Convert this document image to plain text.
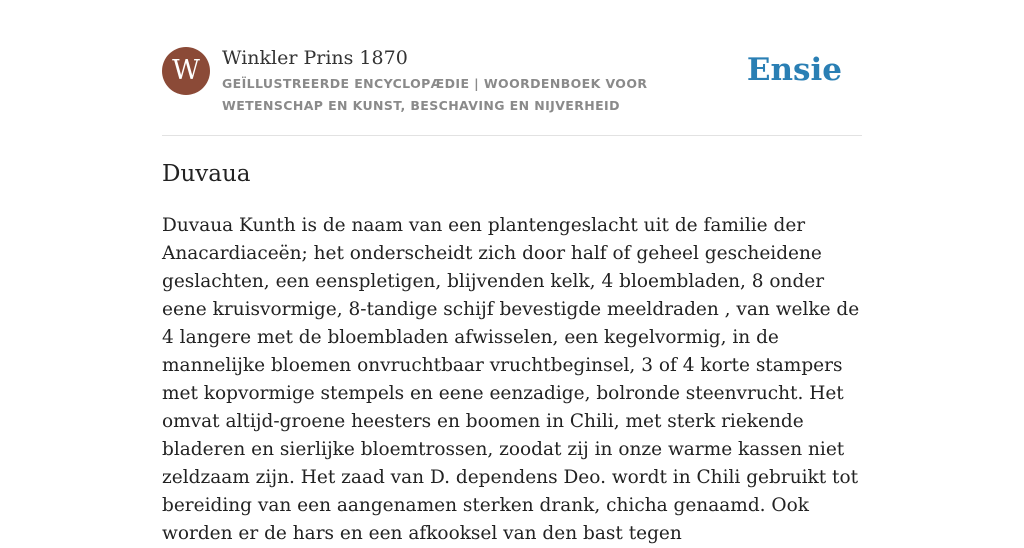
W	Winkler Prins 1870
GEÏLLUSTREERDE ENCYCLOPÆDIE | WOORDENBOEK VOOR WETENSCHAP EN KUNST, BESCHAVING EN NIJVERHEID
Ensie
Duvaua

Duvaua Kunth is de naam van een plantengeslacht uit de familie der Anacardiaceën; het onderscheidt zich door half of geheel gescheidene geslachten, een eenspletigen, blijvenden kelk, 4 bloembladen, 8 onder eene kruisvormige, 8-tandige schijf bevestigde meeldraden , van welke de 4 langere met de bloembladen afwisselen, een kegelvormig, in de mannelijke bloemen onvruchtbaar vruchtbeginsel, 3 of 4 korte stampers met kopvormige stempels en eene eenzadige, bolronde steenvrucht. Het omvat altijd-groene heesters en boomen in Chili, met sterk riekende bladeren en sierlijke bloemtrossen, zoodat zij in onze warme kassen niet zeldzaam zijn. Het zaad van D. dependens Deo. wordt in Chili gebruikt tot bereiding van een aangenamen sterken drank, chicha genaamd. Ook worden er de hars en een afkooksel van den bast tegen
